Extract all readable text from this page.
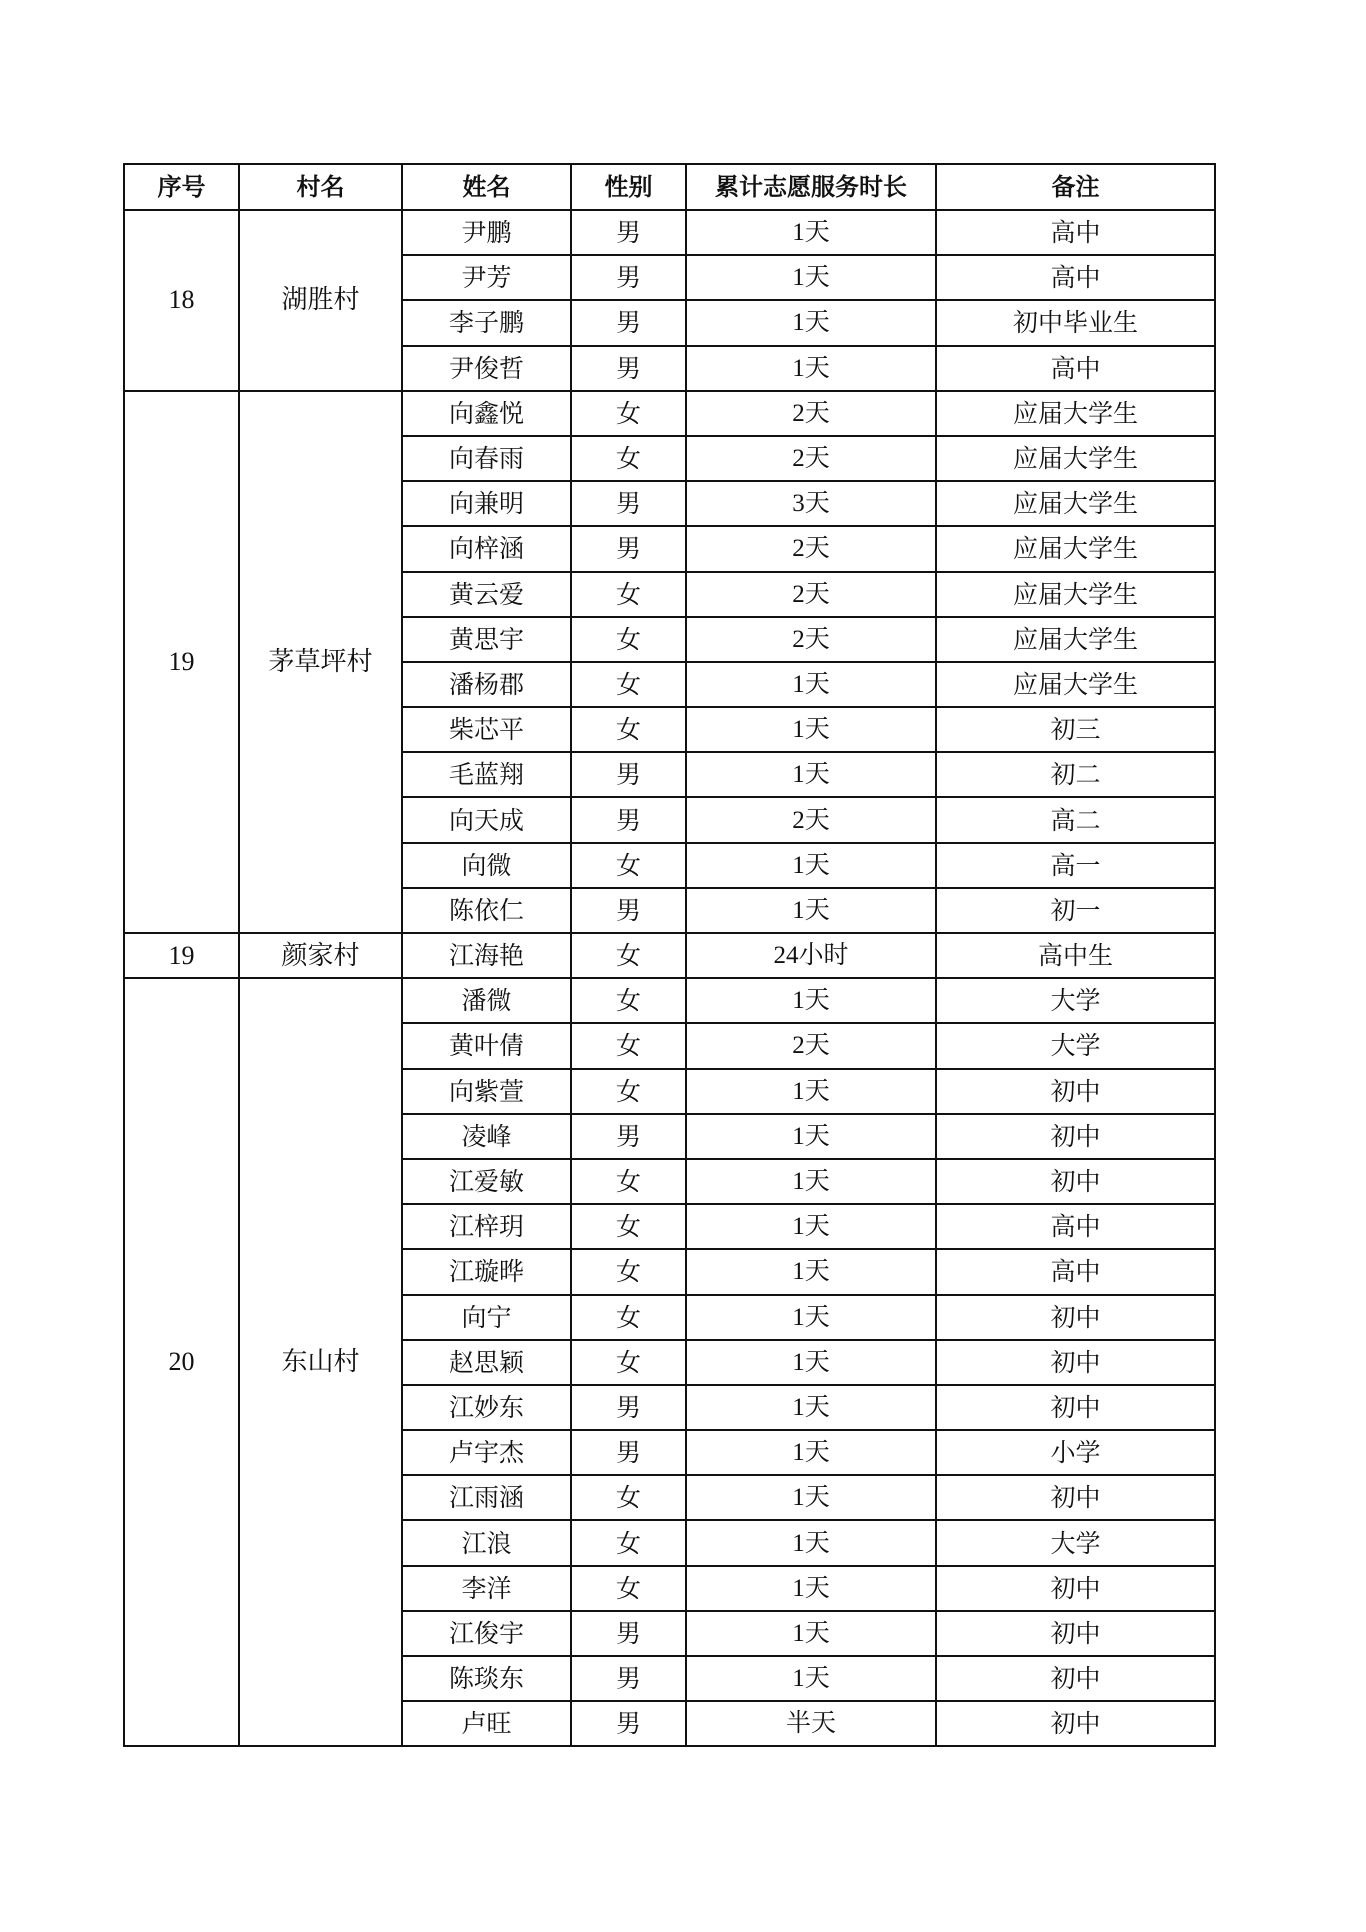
序号	村名	姓名	性别	累计志愿服务时长	备注
18	湖胜村	尹鹏	男	1天	高中
		尹芳	男	1天	高中
		李子鹏	男	1天	初中毕业生
		尹俊哲	男	1天	高中
19	茅草坪村	向鑫悦	女	2天	应届大学生
		向春雨	女	2天	应届大学生
		向兼明	男	3天	应届大学生
		向梓涵	男	2天	应届大学生
		黄云爱	女	2天	应届大学生
		黄思宇	女	2天	应届大学生
		潘杨郡	女	1天	应届大学生
		柴芯平	女	1天	初三
		毛蓝翔	男	1天	初二
		向天成	男	2天	高二
		向微	女	1天	高一
		陈依仁	男	1天	初一
19	颜家村	江海艳	女	24小时	高中生
20	东山村	潘微	女	1天	大学
		黄叶倩	女	2天	大学
		向紫萱	女	1天	初中
		凌峰	男	1天	初中
		江爱敏	女	1天	初中
		江梓玥	女	1天	高中
		江璇晔	女	1天	高中
		向宁	女	1天	初中
		赵思颖	女	1天	初中
		江妙东	男	1天	初中
		卢宇杰	男	1天	小学
		江雨涵	女	1天	初中
		江浪	女	1天	大学
		李洋	女	1天	初中
		江俊宇	男	1天	初中
		陈琰东	男	1天	初中
		卢旺	男	半天	初中
